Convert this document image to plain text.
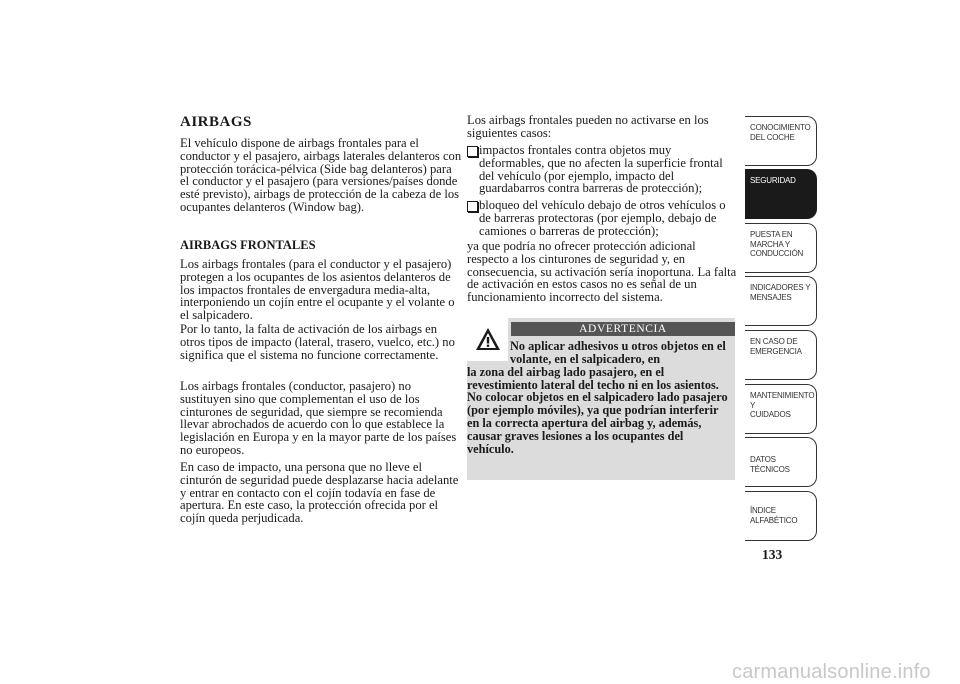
AIRBAGS

El vehículo dispone de airbags frontales para el conductor y el pasajero, airbags laterales delanteros con protección torácica-pélvica (Side bag delanteros) para el conductor y el pasajero (para versiones/países donde esté previsto), airbags de protección de la cabeza de los ocupantes delanteros (Window bag).

AIRBAGS FRONTALES

Los airbags frontales (para el conductor y el pasajero) protegen a los ocupantes de los asientos delanteros de los impactos frontales de envergadura media-alta, interponiendo un cojín entre el ocupante y el volante o el salpicadero.

Por lo tanto, la falta de activación de los airbags en otros tipos de impacto (lateral, trasero, vuelco, etc.) no significa que el sistema no funcione correctamente.

Los airbags frontales (conductor, pasajero) no sustituyen sino que complementan el uso de los cinturones de seguridad, que siempre se recomienda llevar abrochados de acuerdo con lo que establece la legislación en Europa y en la mayor parte de los países no europeos.

En caso de impacto, una persona que no lleve el cinturón de seguridad puede desplazarse hacia adelante y entrar en contacto con el cojín todavía en fase de apertura. En este caso, la protección ofrecida por el cojín queda perjudicada.

Los airbags frontales pueden no activarse en los siguientes casos:

impactos frontales contra objetos muy deformables, que no afecten la superficie frontal del vehículo (por ejemplo, impacto del guardabarros contra barreras de protección);
bloqueo del vehículo debajo de otros vehículos o de barreras protectoras (por ejemplo, debajo de camiones o barreras de protección);

ya que podría no ofrecer protección adicional respecto a los cinturones de seguridad y, en consecuencia, su activación sería inoportuna. La falta de activación en estos casos no es señal de un funcionamiento incorrecto del sistema.

ADVERTENCIA
No aplicar adhesivos u otros objetos en el volante, en el salpicadero, en
la zona del airbag lado pasajero, en el revestimiento lateral del techo ni en los asientos. No colocar objetos en el salpicadero lado pasajero (por ejemplo móviles), ya que podrían interferir en la correcta apertura del airbag y, además, causar graves lesiones a los ocupantes del vehículo.
CONOCIMIENTO
DEL COCHE
SEGURIDAD
PUESTA EN
MARCHA Y
CONDUCCIÓN
INDICADORES Y
MENSAJES
EN CASO DE
EMERGENCIA
MANTENIMIENTO Y
CUIDADOS
DATOS TÉCNICOS
ÍNDICE
ALFABÉTICO
133
carmanualsonline.info
